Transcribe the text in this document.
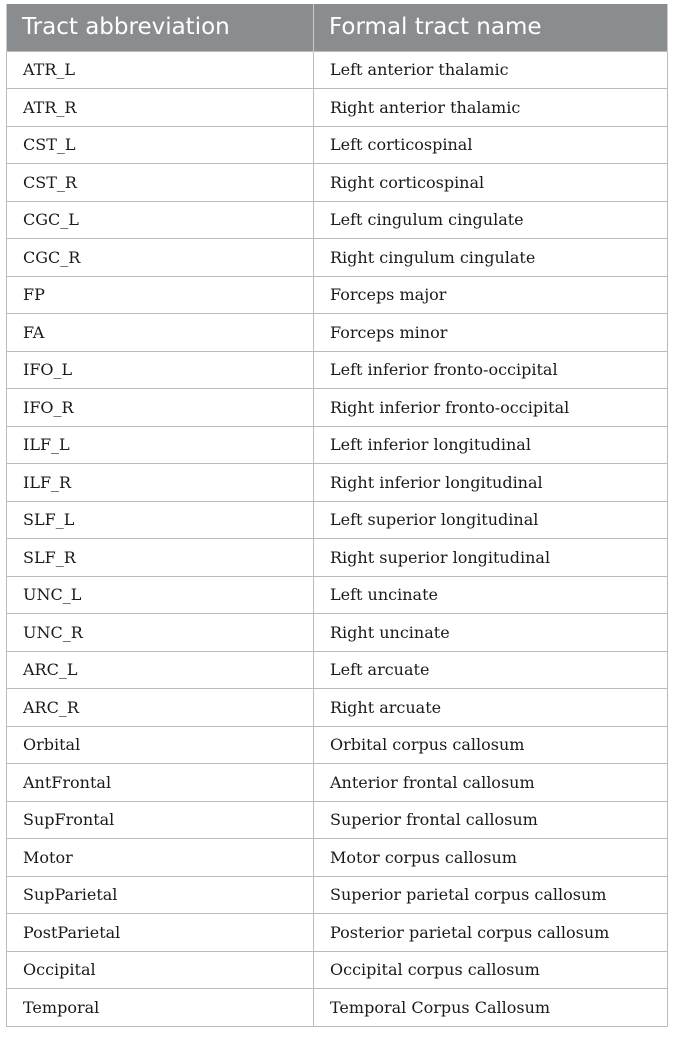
Tract abbreviation	Formal tract name
ATR_L	Left anterior thalamic
ATR_R	Right anterior thalamic
CST_L	Left corticospinal
CST_R	Right corticospinal
CGC_L	Left cingulum cingulate
CGC_R	Right cingulum cingulate
FP	Forceps major
FA	Forceps minor
IFO_L	Left inferior fronto-occipital
IFO_R	Right inferior fronto-occipital
ILF_L	Left inferior longitudinal
ILF_R	Right inferior longitudinal
SLF_L	Left superior longitudinal
SLF_R	Right superior longitudinal
UNC_L	Left uncinate
UNC_R	Right uncinate
ARC_L	Left arcuate
ARC_R	Right arcuate
Orbital	Orbital corpus callosum
AntFrontal	Anterior frontal callosum
SupFrontal	Superior frontal callosum
Motor	Motor corpus callosum
SupParietal	Superior parietal corpus callosum
PostParietal	Posterior parietal corpus callosum
Occipital	Occipital corpus callosum
Temporal	Temporal Corpus Callosum
